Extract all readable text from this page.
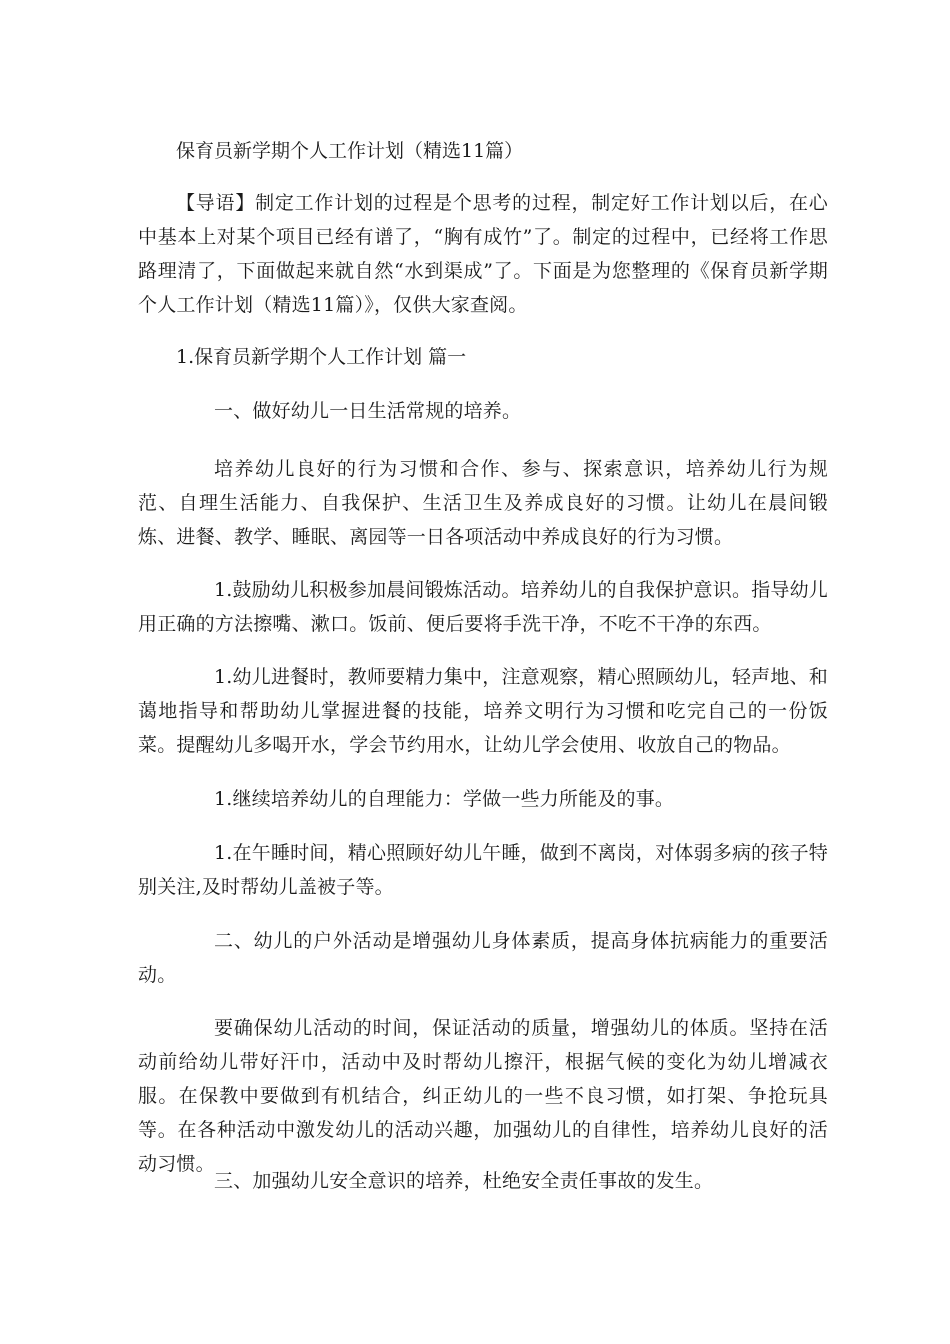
保育员新学期个人工作计划（精选11篇）

【导语】制定工作计划的过程是个思考的过程，制定好工作计划以后，在心中基本上对某个项目已经有谱了，“胸有成竹”了。制定的过程中，已经将工作思路理清了，下面做起来就自然“水到渠成”了。下面是为您整理的《保育员新学期个人工作计划（精选11篇）》，仅供大家查阅。

1.保育员新学期个人工作计划 篇一

一、做好幼儿一日生活常规的培养。

培养幼儿良好的行为习惯和合作、参与、探索意识，培养幼儿行为规范、自理生活能力、自我保护、生活卫生及养成良好的习惯。让幼儿在晨间锻炼、进餐、教学、睡眠、离园等一日各项活动中养成良好的行为习惯。

1.鼓励幼儿积极参加晨间锻炼活动。培养幼儿的自我保护意识。指导幼儿用正确的方法擦嘴、漱口。饭前、便后要将手洗干净，不吃不干净的东西。

1.幼儿进餐时，教师要精力集中，注意观察，精心照顾幼儿，轻声地、和蔼地指导和帮助幼儿掌握进餐的技能，培养文明行为习惯和吃完自己的一份饭菜。提醒幼儿多喝开水，学会节约用水，让幼儿学会使用、收放自己的物品。

1.继续培养幼儿的自理能力：学做一些力所能及的事。

1.在午睡时间，精心照顾好幼儿午睡，做到不离岗，对体弱多病的孩子特别关注,及时帮幼儿盖被子等。

二、幼儿的户外活动是增强幼儿身体素质，提高身体抗病能力的重要活动。

要确保幼儿活动的时间，保证活动的质量，增强幼儿的体质。坚持在活动前给幼儿带好汗巾，活动中及时帮幼儿擦汗，根据气候的变化为幼儿增减衣服。在保教中要做到有机结合，纠正幼儿的一些不良习惯，如打架、争抢玩具等。在各种活动中激发幼儿的活动兴趣，加强幼儿的自律性，培养幼儿良好的活动习惯。

三、加强幼儿安全意识的培养，杜绝安全责任事故的发生。
